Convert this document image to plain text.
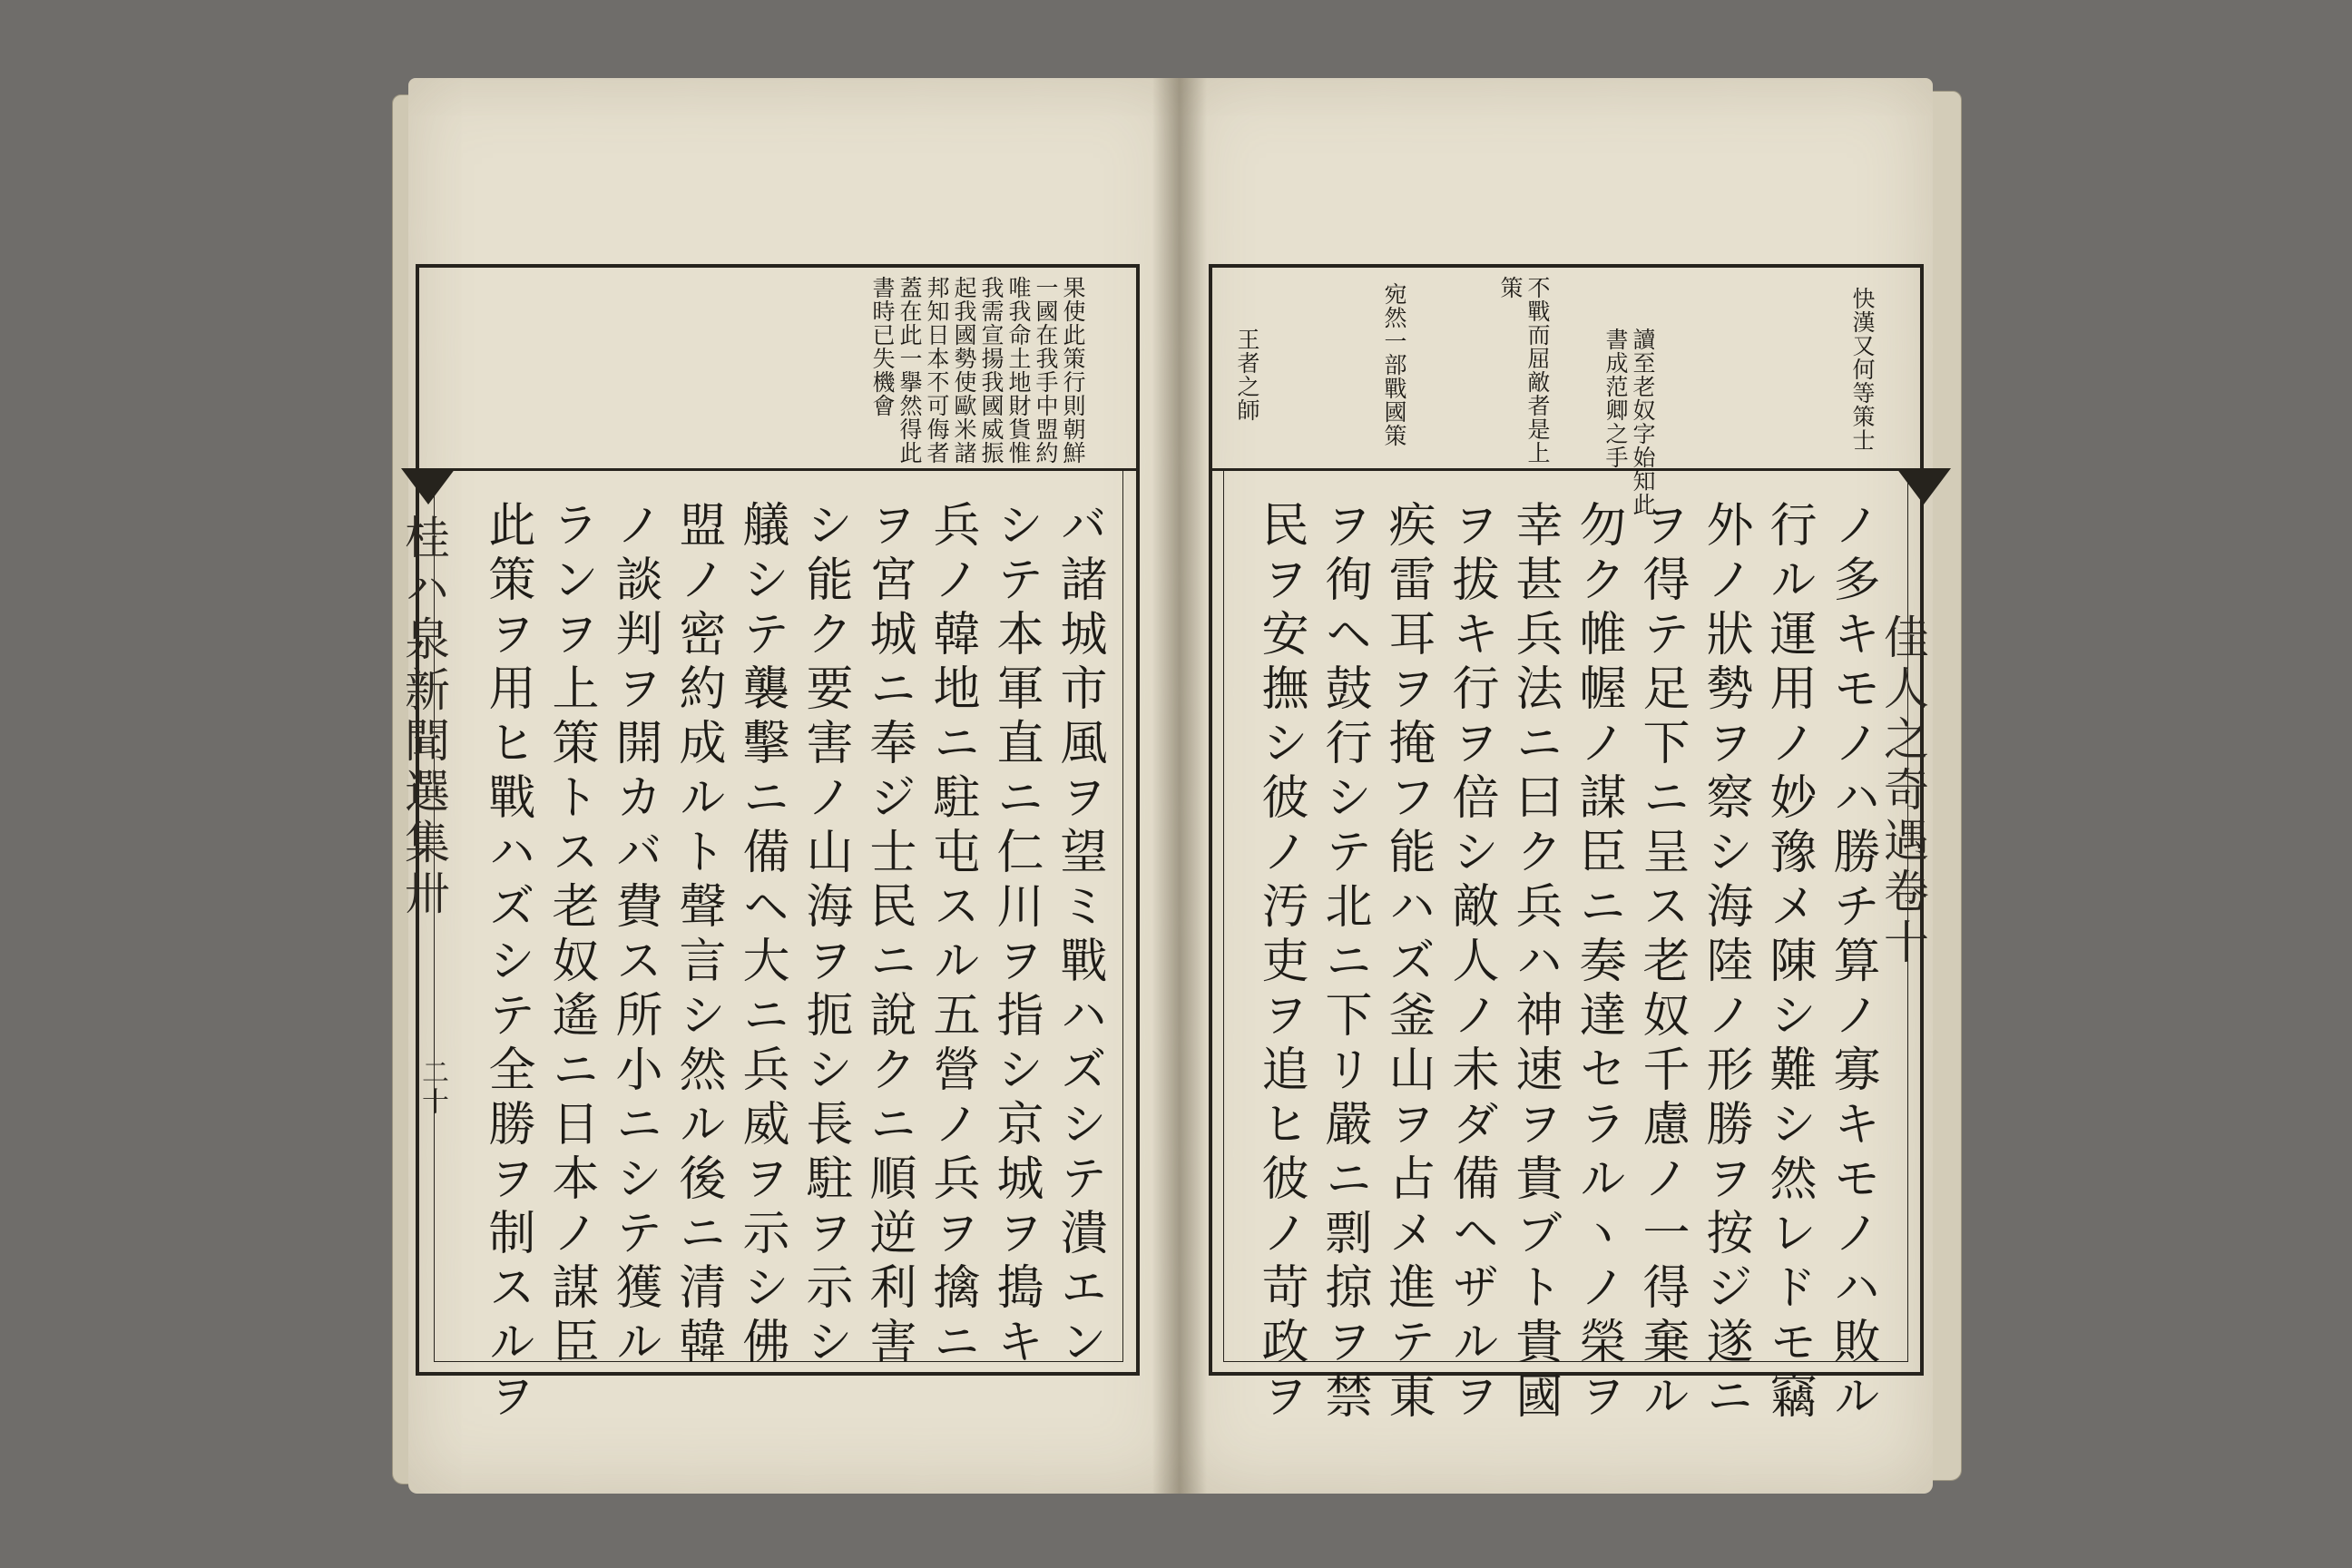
桂ハ泉新聞選集卅
二十
果使此策行則朝鮮
一國在我手中盟約
唯我命土地財貨惟
我需宣揚我國威振
起我國勢使歐米諸
邦知日本不可侮者
蓋在此一擧然得此
書時已失機會
バ諸城市風ヲ望ミ戰ハズシテ潰エン
シテ本軍直ニ仁川ヲ指シ京城ヲ搗キ
兵ノ韓地ニ駐屯スル五營ノ兵ヲ擒ニ
ヲ宮城ニ奉ジ士民ニ說クニ順逆利害
シ能ク要害ノ山海ヲ扼シ長駐ヲ示シ
艤シテ襲擊ニ備ヘ大ニ兵威ヲ示シ佛
盟ノ密約成ルト聲言シ然ル後ニ清韓
ノ談判ヲ開カバ費ス所小ニシテ獲ル
ランヲ上策トス老奴遙ニ日本ノ謀臣
此策ヲ用ヒ戰ハズシテ全勝ヲ制スルヲ	佳人之奇遇卷十
快漢又何等策士
讀至老奴字始知此
書成范卿之手
不戰而屈敵者是上
策
宛然一部戰國策
王者之師
ノ多キモノハ勝チ算ノ寡キモノハ敗ル
行ル運用ノ妙豫メ陳シ難シ然レドモ竊
外ノ狀勢ヲ察シ海陸ノ形勝ヲ按ジ遂ニ
ヲ得テ足下ニ呈ス老奴千慮ノ一得棄ル
勿ク帷幄ノ謀臣ニ奏達セラルヽノ榮ヲ
幸甚兵法ニ曰ク兵ハ神速ヲ貴ブト貴國
ヲ拔キ行ヲ倍シ敵人ノ未ダ備ヘザルヲ
疾雷耳ヲ掩フ能ハズ釜山ヲ占メ進テ東
ヲ徇ヘ鼓行シテ北ニ下リ嚴ニ剽掠ヲ禁
民ヲ安撫シ彼ノ汚吏ヲ追ヒ彼ノ苛政ヲ
